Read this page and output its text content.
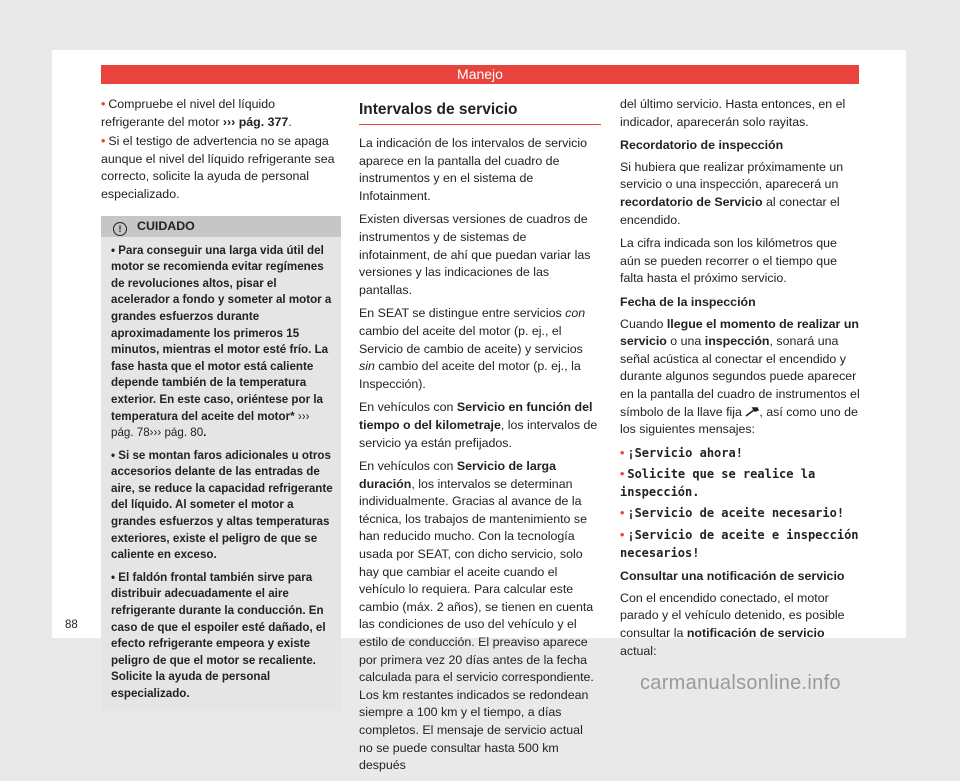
Manejo

• Compruebe el nivel del líquido refrigerante del motor ››› pág. 377.

• Si el testigo de advertencia no se apaga aunque el nivel del líquido refrigerante sea correcto, solicite la ayuda de personal especializado.

! CUIDADO

• Para conseguir una larga vida útil del motor se recomienda evitar regímenes de revoluciones altos, pisar el acelerador a fondo y someter al motor a grandes esfuerzos durante aproximadamente los primeros 15 minutos, mientras el motor esté frío. La fase hasta que el motor está caliente depende también de la temperatura exterior. En este caso, oriéntese por la temperatura del aceite del motor* ››› pág. 78››› pág. 80.

• Si se montan faros adicionales u otros accesorios delante de las entradas de aire, se reduce la capacidad refrigerante del líquido. Al someter el motor a grandes esfuerzos y altas temperaturas exteriores, existe el peligro de que se caliente en exceso.

• El faldón frontal también sirve para distribuir adecuadamente el aire refrigerante durante la conducción. En caso de que el espoiler esté dañado, el efecto refrigerante empeora y existe peligro de que el motor se recaliente. Solicite la ayuda de personal especializado.

Intervalos de servicio

La indicación de los intervalos de servicio aparece en la pantalla del cuadro de instrumentos y en el sistema de Infotainment.

Existen diversas versiones de cuadros de instrumentos y de sistemas de infotainment, de ahí que puedan variar las versiones y las indicaciones de las pantallas.

En SEAT se distingue entre servicios con cambio del aceite del motor (p. ej., el Servicio de cambio de aceite) y servicios sin cambio del aceite del motor (p. ej., la Inspección).

En vehículos con Servicio en función del tiempo o del kilometraje, los intervalos de servicio ya están prefijados.

En vehículos con Servicio de larga duración, los intervalos se determinan individualmente. Gracias al avance de la técnica, los trabajos de mantenimiento se han reducido mucho. Con la tecnología usada por SEAT, con dicho servicio, solo hay que cambiar el aceite cuando el vehículo lo requiera. Para calcular este cambio (máx. 2 años), se tienen en cuenta las condiciones de uso del vehículo y el estilo de conducción. El preaviso aparece por primera vez 20 días antes de la fecha calculada para el servicio correspondiente. Los km restantes indicados se redondean siempre a 100 km y el tiempo, a días completos. El mensaje de servicio actual no se puede consultar hasta 500 km después

del último servicio. Hasta entonces, en el indicador, aparecerán solo rayitas.

Recordatorio de inspección

Si hubiera que realizar próximamente un servicio o una inspección, aparecerá un recordatorio de Servicio al conectar el encendido.

La cifra indicada son los kilómetros que aún se pueden recorrer o el tiempo que falta hasta el próximo servicio.

Fecha de la inspección

Cuando llegue el momento de realizar un servicio o una inspección, sonará una señal acústica al conectar el encendido y durante algunos segundos puede aparecer en la pantalla del cuadro de instrumentos el símbolo de la llave fija , así como uno de los siguientes mensajes:

• ¡Servicio ahora!

• Solicite que se realice la inspección.

• ¡Servicio de aceite necesario!

• ¡Servicio de aceite e inspección necesarios!

Consultar una notificación de servicio

Con el encendido conectado, el motor parado y el vehículo detenido, es posible consultar la notificación de servicio actual:

88
carmanualsonline.info
